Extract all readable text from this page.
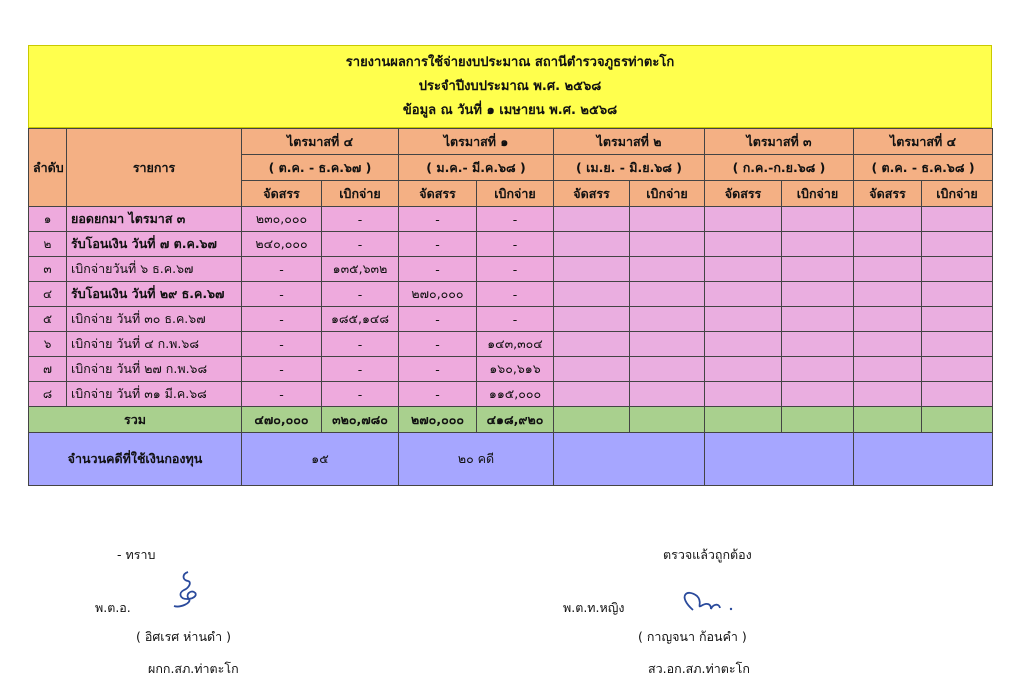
รายงานผลการใช้จ่ายงบประมาณ สถานีตำรวจภูธรท่าตะโก
ประจำปีงบประมาณ พ.ศ. ๒๕๖๘
ข้อมูล ณ วันที่ ๑ เมษายน พ.ศ. ๒๕๖๘
ลำดับ	รายการ	ไตรมาสที่ ๔		ไตรมาสที่ ๑		ไตรมาสที่ ๒		ไตรมาสที่ ๓		ไตรมาสที่ ๔	
		( ต.ค. - ธ.ค.๖๗ )		( ม.ค.- มี.ค.๖๘ )		( เม.ย. - มิ.ย.๖๘ )		( ก.ค.-ก.ย.๖๘ )		( ต.ค. - ธ.ค.๖๘ )	
		จัดสรร	เบิกจ่าย	จัดสรร	เบิกจ่าย	จัดสรร	เบิกจ่าย	จัดสรร	เบิกจ่าย	จัดสรร	เบิกจ่าย
๑	ยอดยกมา ไตรมาส ๓	๒๓๐,๐๐๐	-	-	-						
๒	รับโอนเงิน วันที่ ๗ ต.ค.๖๗	๒๔๐,๐๐๐	-	-	-						
๓	เบิกจ่ายวันที่ ๖ ธ.ค.๖๗	-	๑๓๕,๖๓๒	-	-						
๔	รับโอนเงิน วันที่ ๒๙ ธ.ค.๖๗	-	-	๒๗๐,๐๐๐	-						
๕	เบิกจ่าย วันที่ ๓๐ ธ.ค.๖๗	-	๑๘๕,๑๔๘	-	-						
๖	เบิกจ่าย วันที่ ๔ ก.พ.๖๘	-	-	-	๑๔๓,๓๐๔						
๗	เบิกจ่าย วันที่ ๒๗ ก.พ.๖๘	-	-	-	๑๖๐,๖๑๖						
๘	เบิกจ่าย วันที่ ๓๑ มี.ค.๖๘	-	-	-	๑๑๕,๐๐๐						
รวม		๔๗๐,๐๐๐	๓๒๐,๗๘๐	๒๗๐,๐๐๐	๔๑๘,๙๒๐						
จำนวนคดีที่ใช้เงินกองทุน		๑๕		๒๐ คดี							
- ทราบ
พ.ต.อ.
( อิศเรศ ห่านดำ )
ผกก.สภ.ท่าตะโก
ตรวจแล้วถูกต้อง
พ.ต.ท.หญิง
( กาญจนา ก้อนคำ )
สว.อก.สภ.ท่าตะโก
